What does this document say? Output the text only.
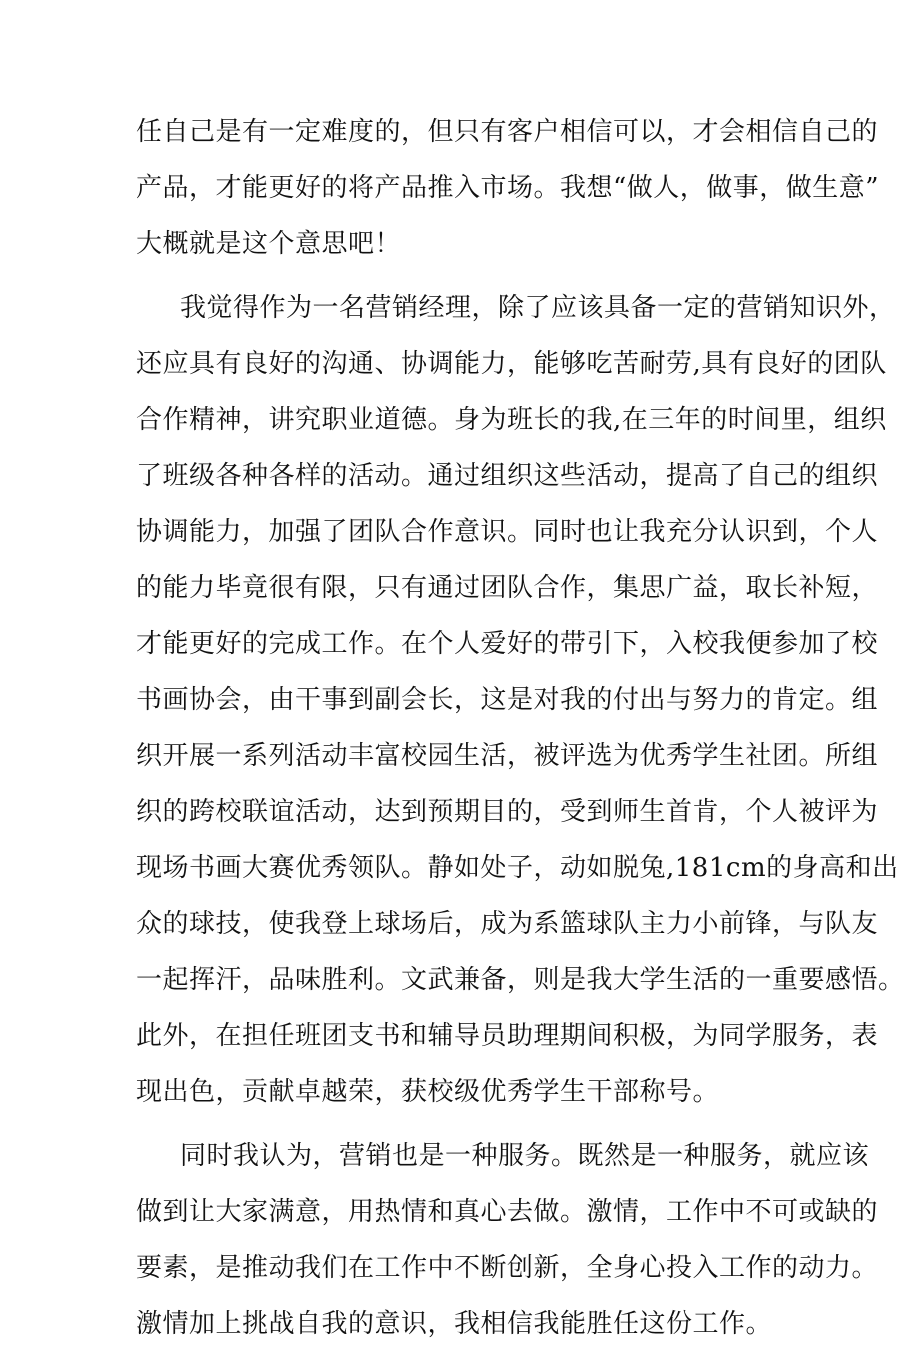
任自己是有一定难度的，但只有客户相信可以，才会相信自己的
产品，才能更好的将产品推入市场。我想“做人，做事，做生意”
大概就是这个意思吧！
我觉得作为一名营销经理，除了应该具备一定的营销知识外，
还应具有良好的沟通、协调能力，能够吃苦耐劳,具有良好的团队
合作精神，讲究职业道德。身为班长的我,在三年的时间里，组织
了班级各种各样的活动。通过组织这些活动，提高了自己的组织
协调能力，加强了团队合作意识。同时也让我充分认识到，个人
的能力毕竟很有限，只有通过团队合作，集思广益，取长补短，
才能更好的完成工作。在个人爱好的带引下，入校我便参加了校
书画协会，由干事到副会长，这是对我的付出与努力的肯定。组
织开展一系列活动丰富校园生活，被评选为优秀学生社团。所组
织的跨校联谊活动，达到预期目的，受到师生首肯，个人被评为
现场书画大赛优秀领队。静如处子，动如脱兔,181cm的身高和出
众的球技，使我登上球场后，成为系篮球队主力小前锋，与队友
一起挥汗，品味胜利。文武兼备，则是我大学生活的一重要感悟。
此外，在担任班团支书和辅导员助理期间积极，为同学服务，表
现出色，贡献卓越荣，获校级优秀学生干部称号。
同时我认为，营销也是一种服务。既然是一种服务，就应该
做到让大家满意，用热情和真心去做。激情，工作中不可或缺的
要素，是推动我们在工作中不断创新，全身心投入工作的动力。
激情加上挑战自我的意识，我相信我能胜任这份工作。
